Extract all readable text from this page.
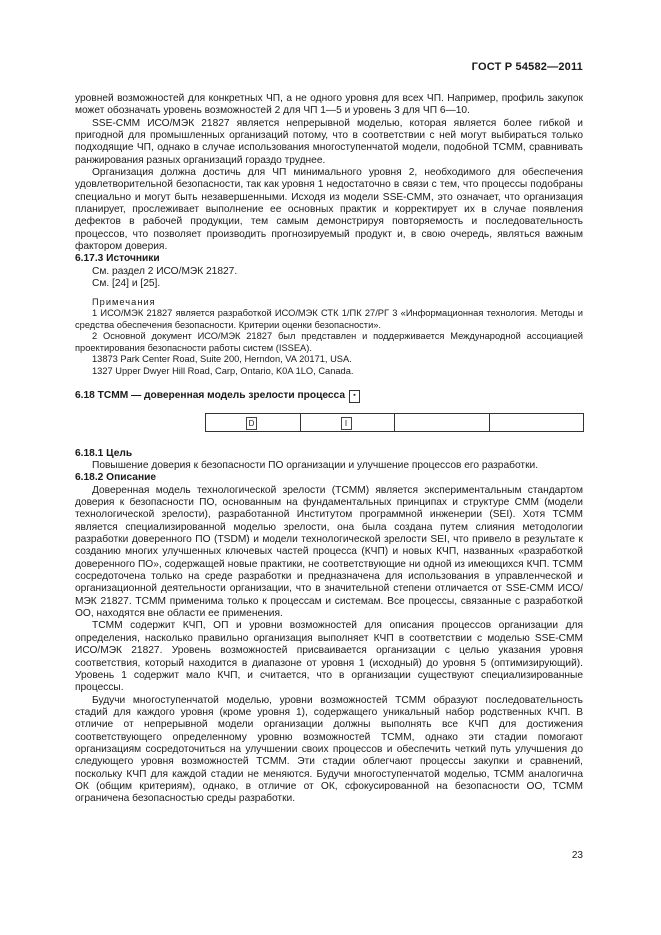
ГОСТ Р 54582—2011

уровней возможностей для конкретных ЧП, а не одного уровня для всех ЧП. Например, профиль закупок может обозначать уровень возможностей 2 для ЧП 1—5 и уровень 3 для ЧП 6—10.

SSE-CMM ИСО/МЭК 21827 является непрерывной моделью, которая является более гибкой и пригодной для промышленных организаций потому, что в соответствии с ней могут выбираться только подходящие ЧП, однако в случае использования многоступенчатой модели, подобной TCMM, сравнивать ранжирования разных организаций гораздо труднее.

Организация должна достичь для ЧП минимального уровня 2, необходимого для обеспечения удовлетворительной безопасности, так как уровня 1 недостаточно в связи с тем, что процессы подобраны специально и могут быть незавершенными. Исходя из модели SSE-CMM, это означает, что организация планирует, прослеживает выполнение ее основных практик и корректирует их в случае появления дефектов в рабочей продукции, тем самым демонстрируя повторяемость и последовательность процессов, что позволяет производить прогнозируемый продукт и, в свою очередь, являться важным фактором доверия.

6.17.3 Источники

См. раздел 2 ИСО/МЭК 21827.

См. [24] и [25].

Примечания

1 ИСО/МЭК 21827 является разработкой ИСО/МЭК СТК 1/ПК 27/РГ 3 «Информационная технология. Методы и средства обеспечения безопасности. Критерии оценки безопасности».

2 Основной документ ИСО/МЭК 21827 был представлен и поддерживается Международной ассоциацией проектирования безопасности работы систем (ISSEA).

13873 Park Center Road, Suite 200, Herndon, VA 20171, USA.

1327 Upper Dwyer Hill Road, Carp, Ontario, K0A 1LO, Canada.

6.18 TCMM — доверенная модель зрелости процесса	▪
D	I

6.18.1 Цель

Повышение доверия к безопасности ПО организации и улучшение процессов его разработки.

6.18.2 Описание

Доверенная модель технологической зрелости (TCMM) является экспериментальным стандартом доверия к безопасности ПО, основанным на фундаментальных принципах и структуре CMM (модели технологической зрелости), разработанной Институтом программной инженерии (SEI). Хотя TCMM является специализированной моделью зрелости, она была создана путем слияния методологии разработки доверенного ПО (TSDM) и модели технологической зрелости SEI, что привело в результате к созданию многих улучшенных ключевых частей процесса (КЧП) и новых КЧП, названных «разработкой доверенного ПО», содержащей новые практики, не соответствующие ни одной из имеющихся КЧП. TCMM сосредоточена только на среде разработки и предназначена для использования в управленческой и организационной деятельности организации, что в значительной степени отличается от SSE-CMM ИСО/МЭК 21827. TCMM применима только к процессам и системам. Все процессы, связанные с разработкой ОО, находятся вне области ее применения.

TCMM содержит КЧП, ОП и уровни возможностей для описания процессов организации для определения, насколько правильно организация выполняет КЧП в соответствии с моделью SSE-CMM ИСО/МЭК 21827. Уровень возможностей присваивается организации с целью указания уровня соответствия, который находится в диапазоне от уровня 1 (исходный) до уровня 5 (оптимизирующий). Уровень 1 содержит мало КЧП, и считается, что в организации существуют специализированные процессы.

Будучи многоступенчатой моделью, уровни возможностей TCMM образуют последовательность стадий для каждого уровня (кроме уровня 1), содержащего уникальный набор родственных КЧП. В отличие от непрерывной модели организации должны выполнять все КЧП для достижения соответствующего определенному уровню возможностей TCMM, однако эти стадии помогают организациям сосредоточиться на улучшении своих процессов и обеспечить четкий путь улучшения до следующего уровня возможностей TCMM. Эти стадии облегчают процессы закупки и сравнений, поскольку КЧП для каждой стадии не меняются. Будучи многоступенчатой моделью, TCMM аналогична ОК (общим критериям), однако, в отличие от ОК, сфокусированной на безопасности ОО, TCMM ограничена безопасностью среды разработки.

23
